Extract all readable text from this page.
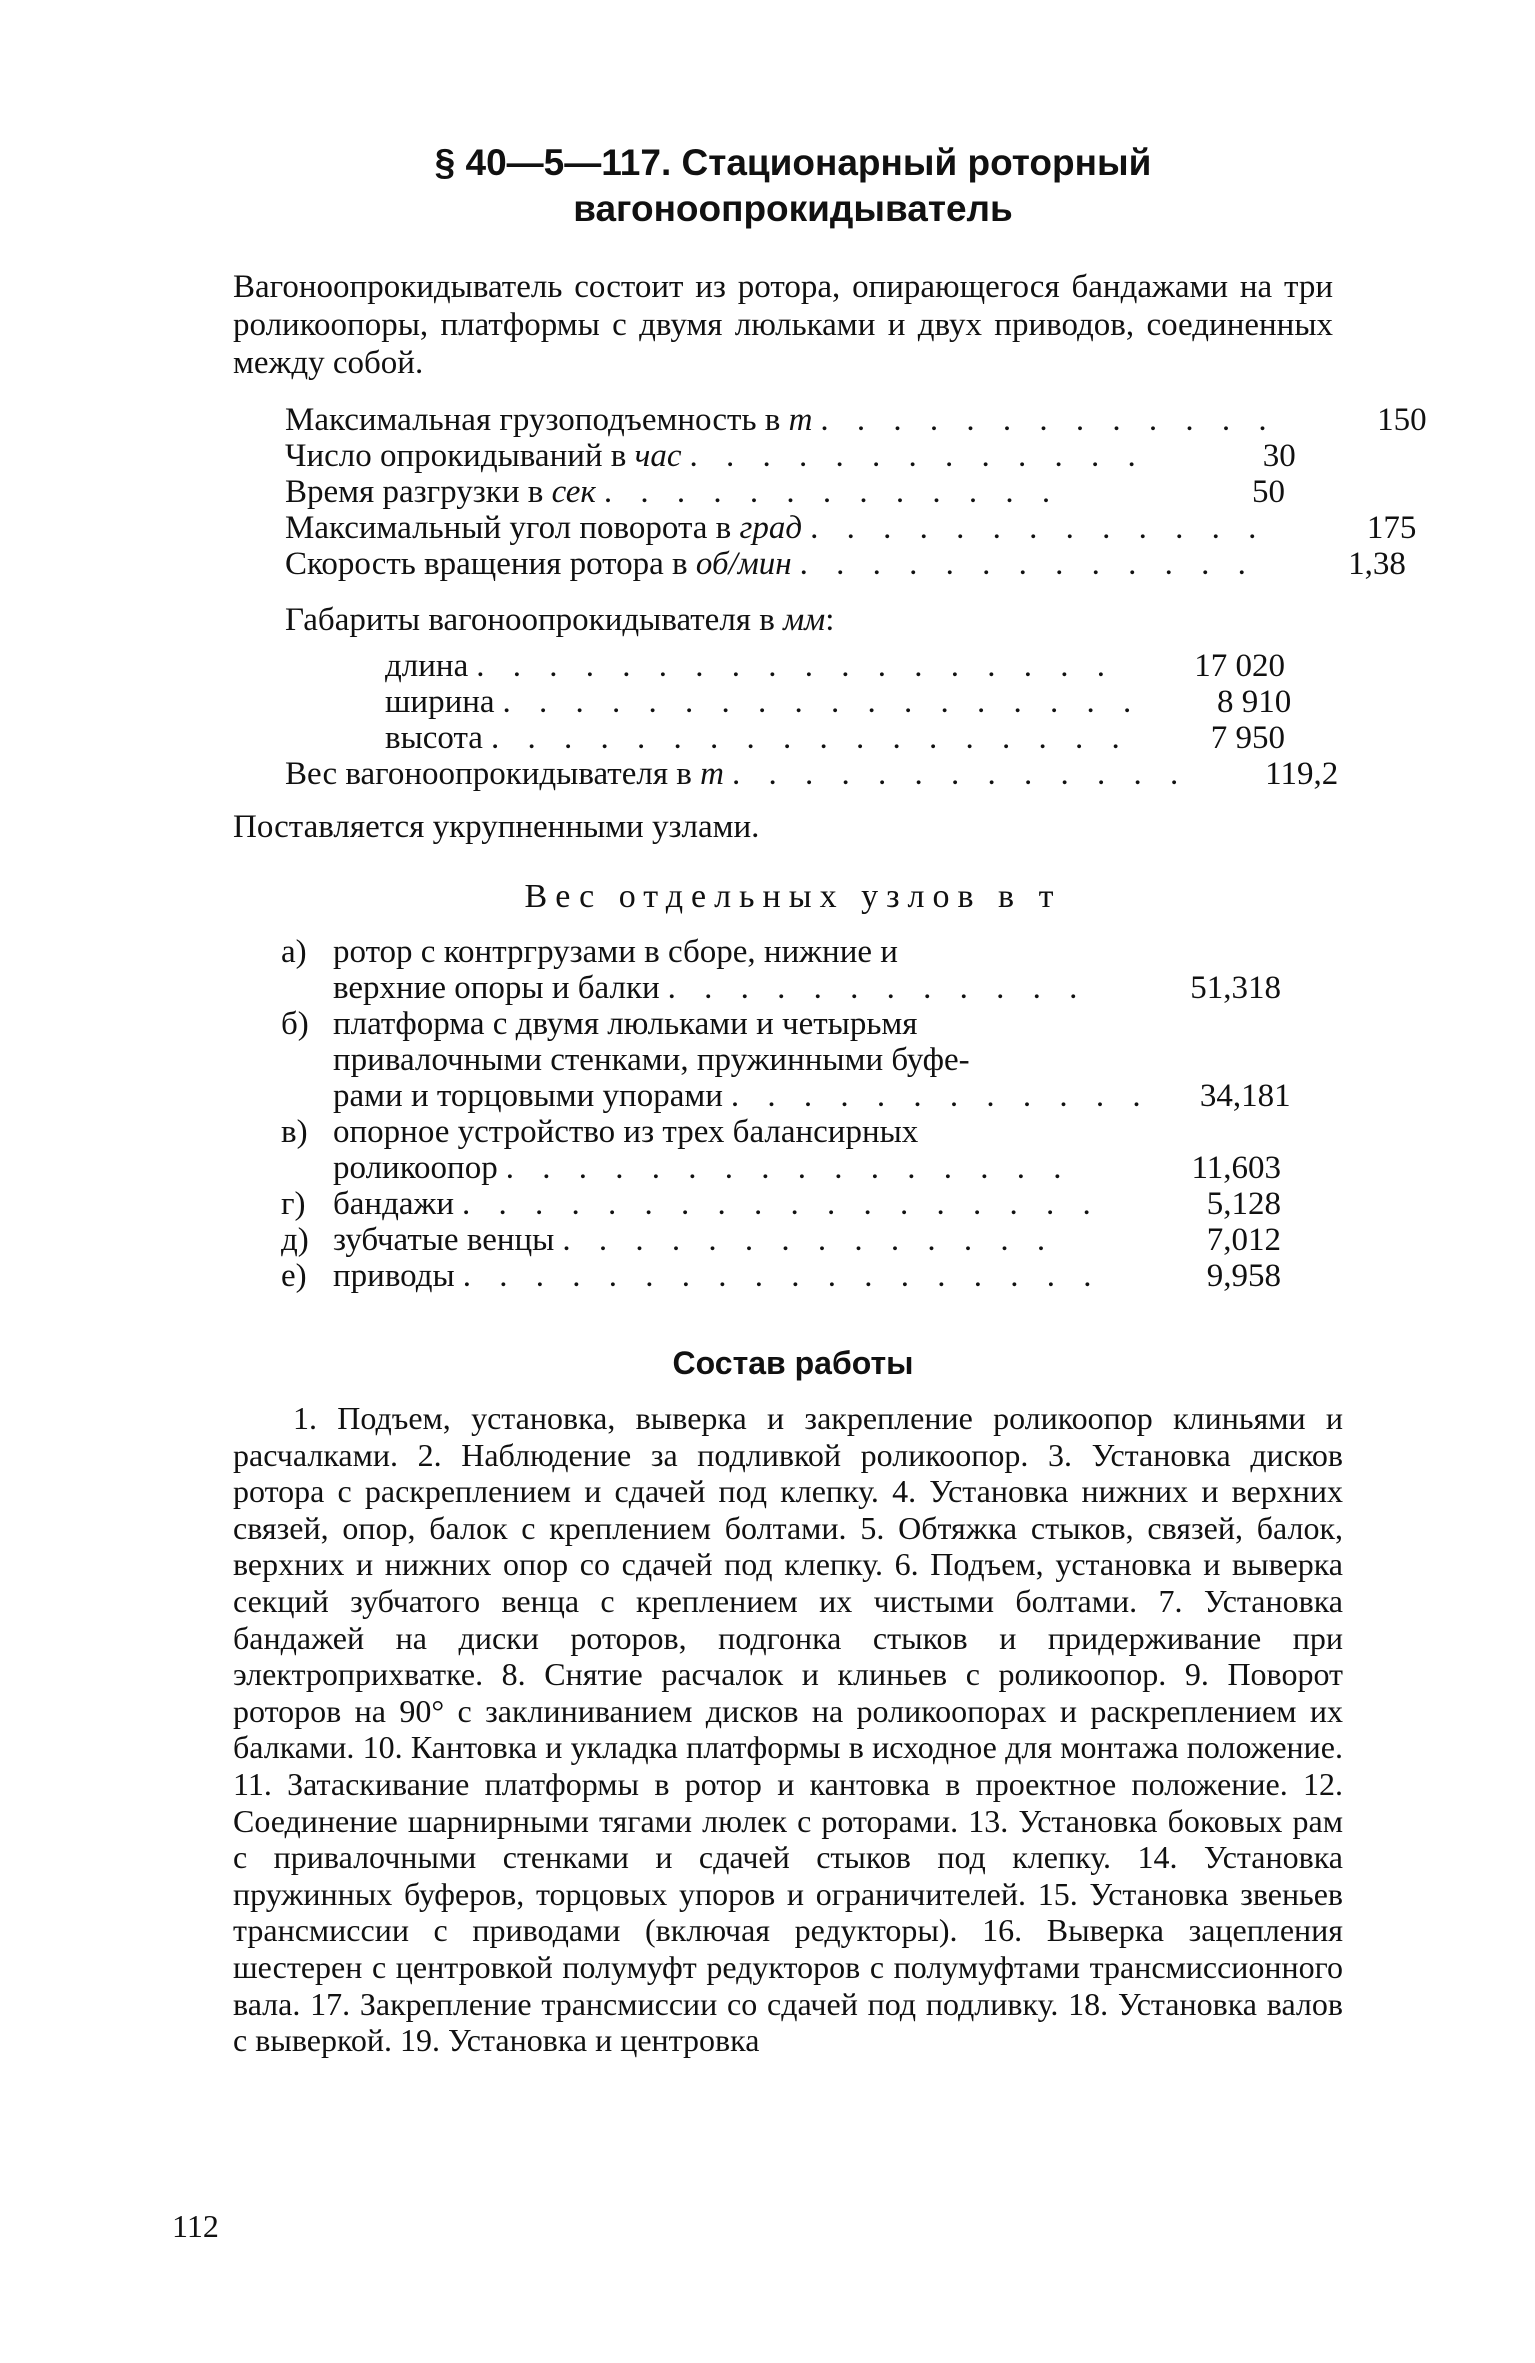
§ 40—5—117. Стационарный роторный
вагоноопрокидыватель
Вагоноопрокидыватель состоит из ротора, опирающегося бандажами на три роликоопоры, платформы с двумя люльками и двух приводов, соединенных между собой.
Максимальная грузоподъемность в т . . . . . . . . . . . . .	150
Число опрокидываний в час . . . . . . . . . . . . .	30
Время разгрузки в сек . . . . . . . . . . . . .	50
Максимальный угол поворота в град . . . . . . . . . . . . .	175
Скорость вращения ротора в об/мин . . . . . . . . . . . . .	1,38
Габариты вагоноопрокидывателя в мм:
длина . . . . . . . . . . . . . . . . . .	17 020
ширина . . . . . . . . . . . . . . . . . .	8 910
высота . . . . . . . . . . . . . . . . . .	7 950
Вес вагоноопрокидывателя в т . . . . . . . . . . . . .	119,2
Поставляется укрупненными узлами.
Вес отдельных узлов в т
а) ротор с контргрузами в сборе, нижние и
верхние опоры и балки . . . . . . . . . . . .	51,318
б) платформа с двумя люльками и четырьмя
привалочными стенками, пружинными буфе-
рами и торцовыми упорами . . . . . . . . . . . .	34,181
в) опорное устройство из трех балансирных
роликоопор . . . . . . . . . . . . . . . .	11,603
г) бандажи . . . . . . . . . . . . . . . . . .	5,128
д) зубчатые венцы . . . . . . . . . . . . . .	7,012
е) приводы . . . . . . . . . . . . . . . . . .	9,958
Состав работы
1. Подъем, установка, выверка и закрепление роликоопор клиньями и расчалками. 2. Наблюдение за подливкой роликоопор. 3. Установка дисков ротора с раскреплением и сдачей под клепку. 4. Установка нижних и верхних связей, опор, балок с креплением болтами. 5. Обтяжка стыков, связей, балок, верхних и нижних опор со сдачей под клепку. 6. Подъем, установка и выверка секций зубчатого венца с креплением их чистыми болтами. 7. Установка бандажей на диски роторов, подгонка стыков и придерживание при электроприхватке. 8. Снятие расчалок и клиньев с роликоопор. 9. Поворот роторов на 90° с заклиниванием дисков на роликоопорах и раскреплением их балками. 10. Кантовка и укладка платформы в исходное для монтажа положение. 11. Затаскивание платформы в ротор и кантовка в проектное положение. 12. Соединение шарнирными тягами люлек с роторами. 13. Установка боковых рам с привалочными стенками и сдачей стыков под клепку. 14. Установка пружинных буферов, торцовых упоров и ограничителей. 15. Установка звеньев трансмиссии с приводами (включая редукторы). 16. Выверка зацепления шестерен с центровкой полумуфт редукторов с полумуфтами трансмиссионного вала. 17. Закрепление трансмиссии со сдачей под подливку. 18. Установка валов с выверкой. 19. Установка и центровка
112
